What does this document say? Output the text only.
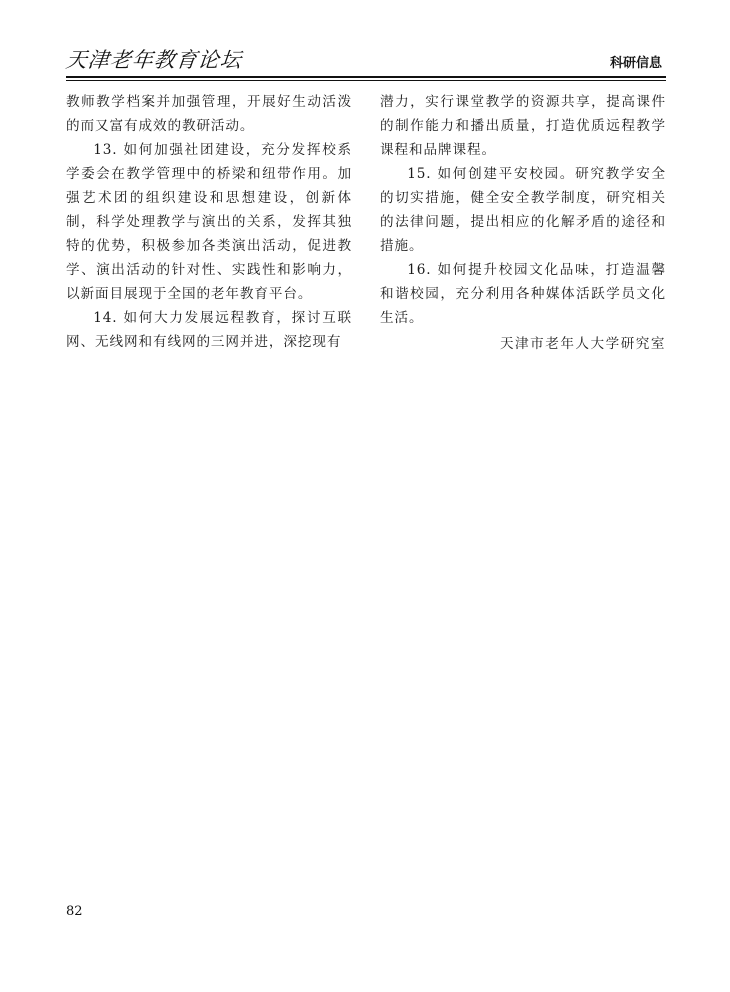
天津老年教育论坛	科研信息

教师教学档案并加强管理，开展好生动活泼的而又富有成效的教研活动。

13. 如何加强社团建设，充分发挥校系学委会在教学管理中的桥梁和纽带作用。加强艺术团的组织建设和思想建设，创新体制，科学处理教学与演出的关系，发挥其独特的优势，积极参加各类演出活动，促进教学、演出活动的针对性、实践性和影响力，以新面目展现于全国的老年教育平台。

14. 如何大力发展远程教育，探讨互联网、无线网和有线网的三网并进，深挖现有

潜力，实行课堂教学的资源共享，提高课件的制作能力和播出质量，打造优质远程教学课程和品牌课程。

15. 如何创建平安校园。研究教学安全的切实措施，健全安全教学制度，研究相关的法律问题，提出相应的化解矛盾的途径和措施。

16. 如何提升校园文化品味，打造温馨和谐校园，充分利用各种媒体活跃学员文化生活。

天津市老年人大学研究室

82
